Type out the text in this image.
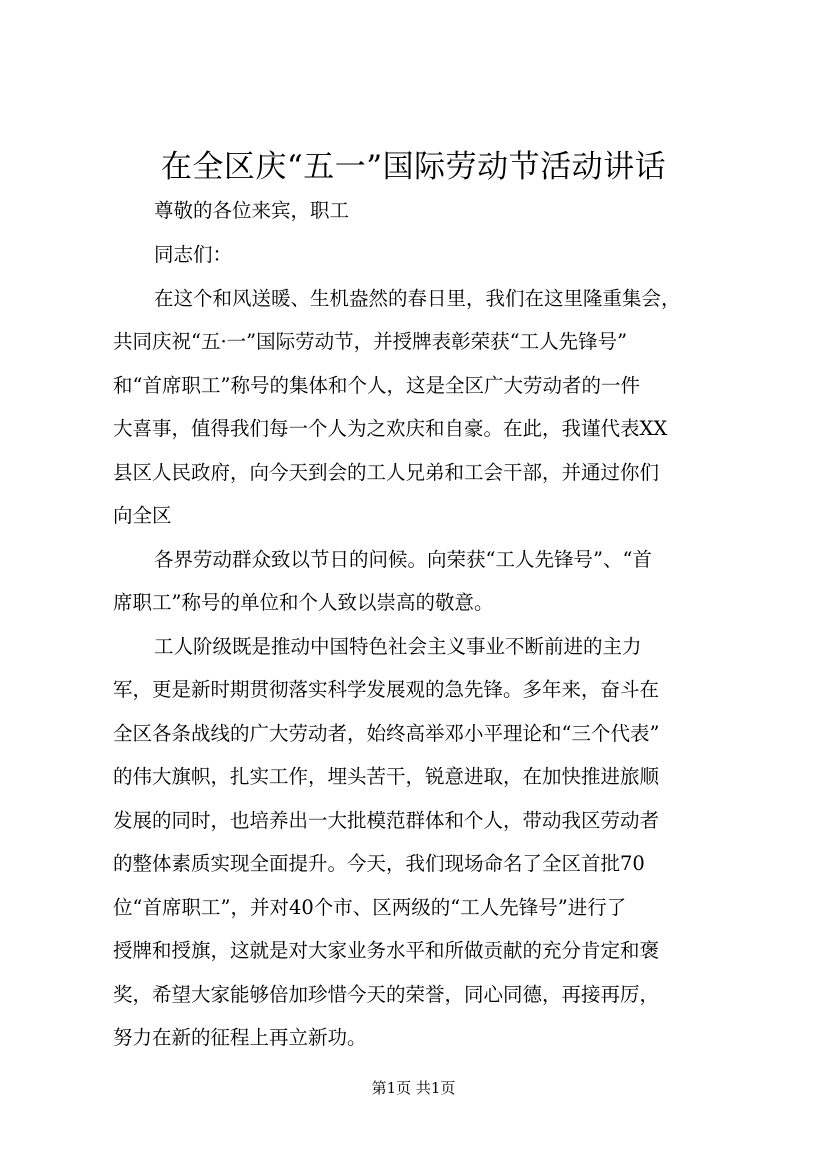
在全区庆“五一”国际劳动节活动讲话
尊敬的各位来宾，职工
同志们：
在这个和风送暖、生机盎然的春日里，我们在这里隆重集会，
共同庆祝“五·一”国际劳动节，并授牌表彰荣获“工人先锋号”
和“首席职工”称号的集体和个人，这是全区广大劳动者的一件
大喜事，值得我们每一个人为之欢庆和自豪。在此，我谨代表XX
县区人民政府，向今天到会的工人兄弟和工会干部，并通过你们
向全区
各界劳动群众致以节日的问候。向荣获“工人先锋号”、“首
席职工”称号的单位和个人致以崇高的敬意。
工人阶级既是推动中国特色社会主义事业不断前进的主力
军，更是新时期贯彻落实科学发展观的急先锋。多年来，奋斗在
全区各条战线的广大劳动者，始终高举邓小平理论和“三个代表”
的伟大旗帜，扎实工作，埋头苦干，锐意进取，在加快推进旅顺
发展的同时，也培养出一大批模范群体和个人，带动我区劳动者
的整体素质实现全面提升。今天，我们现场命名了全区首批70
位“首席职工”，并对40个市、区两级的“工人先锋号”进行了
授牌和授旗，这就是对大家业务水平和所做贡献的充分肯定和褒
奖，希望大家能够倍加珍惜今天的荣誉，同心同德，再接再厉，
努力在新的征程上再立新功。
第1页 共1页
